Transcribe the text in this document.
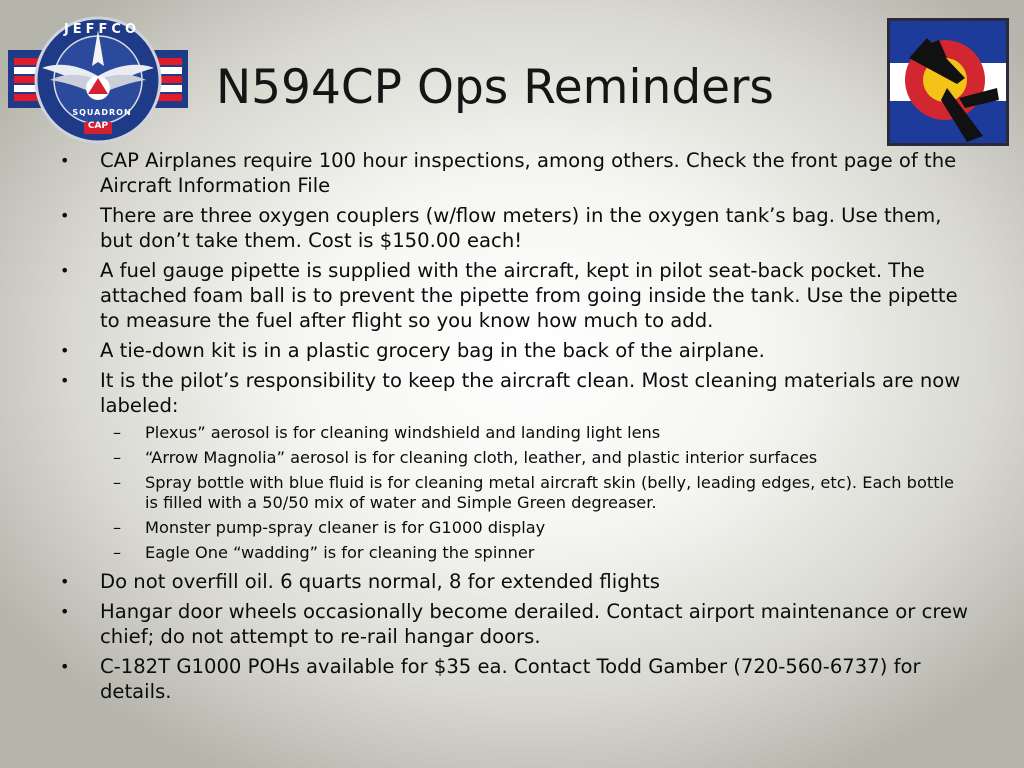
JEFFCO
SQUADRON
CAP
N594CP Ops Reminders
• CAP Airplanes require 100 hour inspections, among others. Check the front page of the Aircraft Information File
• There are three oxygen couplers (w/flow meters) in the oxygen tank’s bag. Use them, but don’t take them. Cost is $150.00 each!
• A fuel gauge pipette is supplied with the aircraft, kept in pilot seat-back pocket. The attached foam ball is to prevent the pipette from going inside the tank. Use the pipette to measure the fuel after flight so you know how much to add.
• A tie-down kit is in a plastic grocery bag in the back of the airplane.
• It is the pilot’s responsibility to keep the aircraft clean. Most cleaning materials are now labeled:
– Plexus” aerosol is for cleaning windshield and landing light lens
– “Arrow Magnolia” aerosol is for cleaning cloth, leather, and plastic interior surfaces
– Spray bottle with blue fluid is for cleaning metal aircraft skin (belly, leading edges, etc). Each bottle is filled with a 50/50 mix of water and Simple Green degreaser.
– Monster pump-spray cleaner is for G1000 display
– Eagle One “wadding” is for cleaning the spinner
• Do not overfill oil. 6 quarts normal, 8 for extended flights
• Hangar door wheels occasionally become derailed. Contact airport maintenance or crew chief; do not attempt to re-rail hangar doors.
• C-182T G1000 POHs available for $35 ea. Contact Todd Gamber (720-560-6737) for details.
